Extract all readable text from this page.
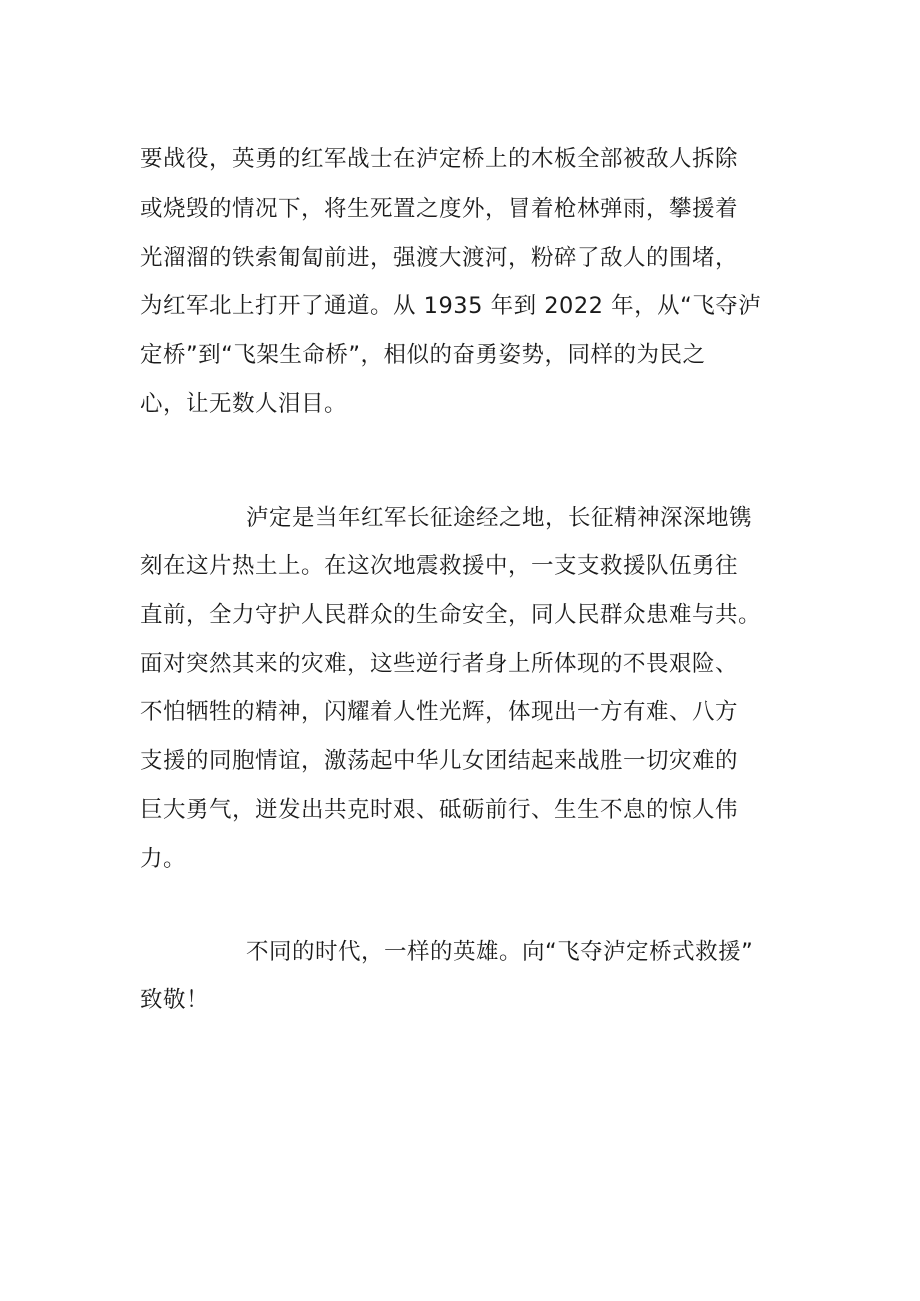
要战役，英勇的红军战士在泸定桥上的木板全部被敌人拆除
或烧毁的情况下，将生死置之度外，冒着枪林弹雨，攀援着
光溜溜的铁索匍匐前进，强渡大渡河，粉碎了敌人的围堵，
为红军北上打开了通道。从 1935 年到 2022 年，从“飞夺泸
定桥”到“飞架生命桥”，相似的奋勇姿势，同样的为民之
心，让无数人泪目。
泸定是当年红军长征途经之地，长征精神深深地镌
刻在这片热土上。在这次地震救援中，一支支救援队伍勇往
直前，全力守护人民群众的生命安全，同人民群众患难与共。
面对突然其来的灾难，这些逆行者身上所体现的不畏艰险、
不怕牺牲的精神，闪耀着人性光辉，体现出一方有难、八方
支援的同胞情谊，激荡起中华儿女团结起来战胜一切灾难的
巨大勇气，迸发出共克时艰、砥砺前行、生生不息的惊人伟
力。
不同的时代，一样的英雄。向“飞夺泸定桥式救援”
致敬！
